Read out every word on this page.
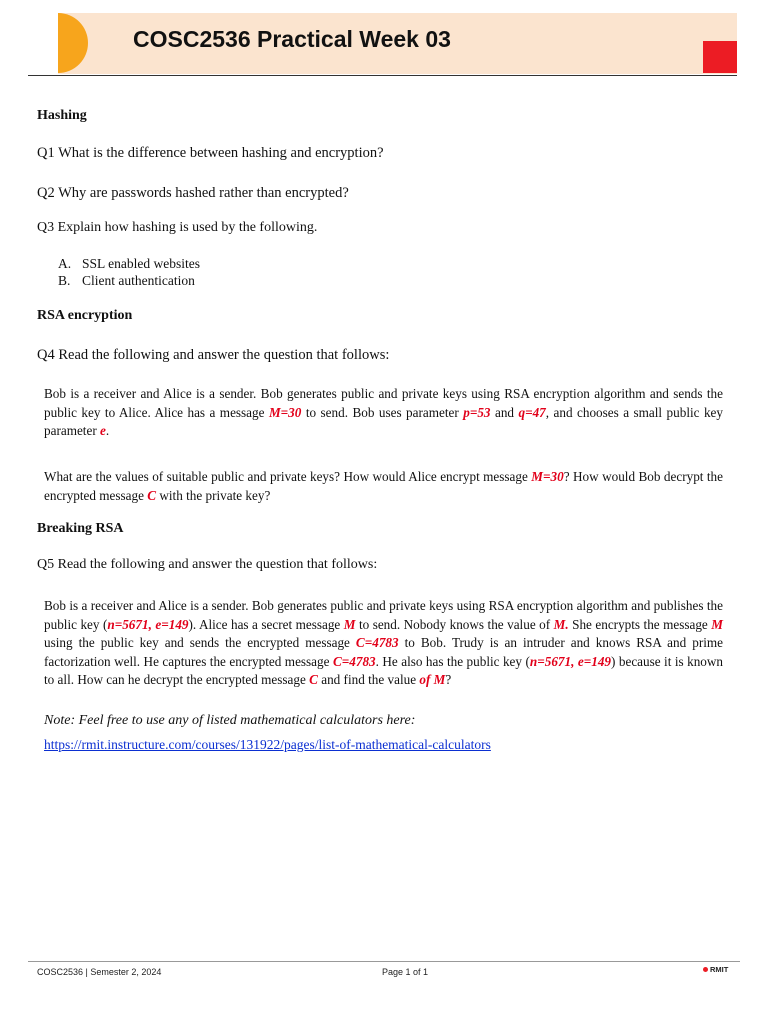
COSC2536 Practical Week 03

Hashing

Q1 What is the difference between hashing and encryption?

Q2 Why are passwords hashed rather than encrypted?

Q3 Explain how hashing is used by the following.

A. SSL enabled websites
B. Client authentication

RSA encryption

Q4 Read the following and answer the question that follows:

Bob is a receiver and Alice is a sender. Bob generates public and private keys using RSA encryption algorithm and sends the public key to Alice. Alice has a message M=30 to send. Bob uses parameter p=53 and q=47, and chooses a small public key parameter e.

What are the values of suitable public and private keys? How would Alice encrypt message M=30? How would Bob decrypt the encrypted message C with the private key?

Breaking RSA

Q5 Read the following and answer the question that follows:

Bob is a receiver and Alice is a sender. Bob generates public and private keys using RSA encryption algorithm and publishes the public key (n=5671, e=149). Alice has a secret message M to send. Nobody knows the value of M. She encrypts the message M using the public key and sends the encrypted message C=4783 to Bob. Trudy is an intruder and knows RSA and prime factorization well. He captures the encrypted message C=4783. He also has the public key (n=5671, e=149) because it is known to all. How can he decrypt the encrypted message C and find the value of M?

Note: Feel free to use any of listed mathematical calculators here:

https://rmit.instructure.com/courses/131922/pages/list-of-mathematical-calculators
COSC2536 | Semester 2, 2024	Page 1 of 1	RMIT
